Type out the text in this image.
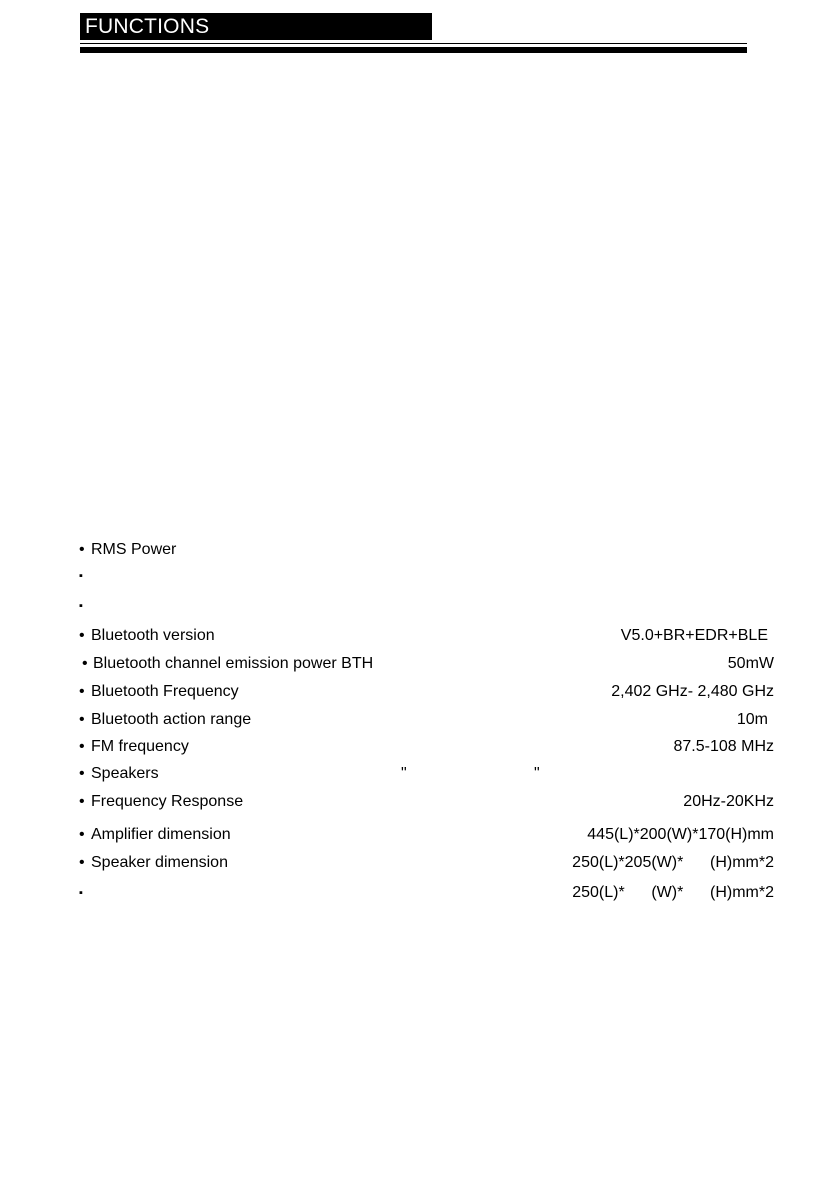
FUNCTIONS
• RMS Power
▪
▪
• Bluetooth version	V5.0+BR+EDR+BLE
• Bluetooth channel emission power BTH	50mW
• Bluetooth Frequency	2,402 GHz- 2,480 GHz
• Bluetooth action range	10m
• FM frequency	87.5-108 MHz
• Speakers	"	"
• Frequency Response	20Hz-20KHz
• Amplifier dimension	445(L)*200(W)*170(H)mm
• Speaker dimension	250(L)*205(W)*      (H)mm*2
▪	250(L)*      (W)*      (H)mm*2
